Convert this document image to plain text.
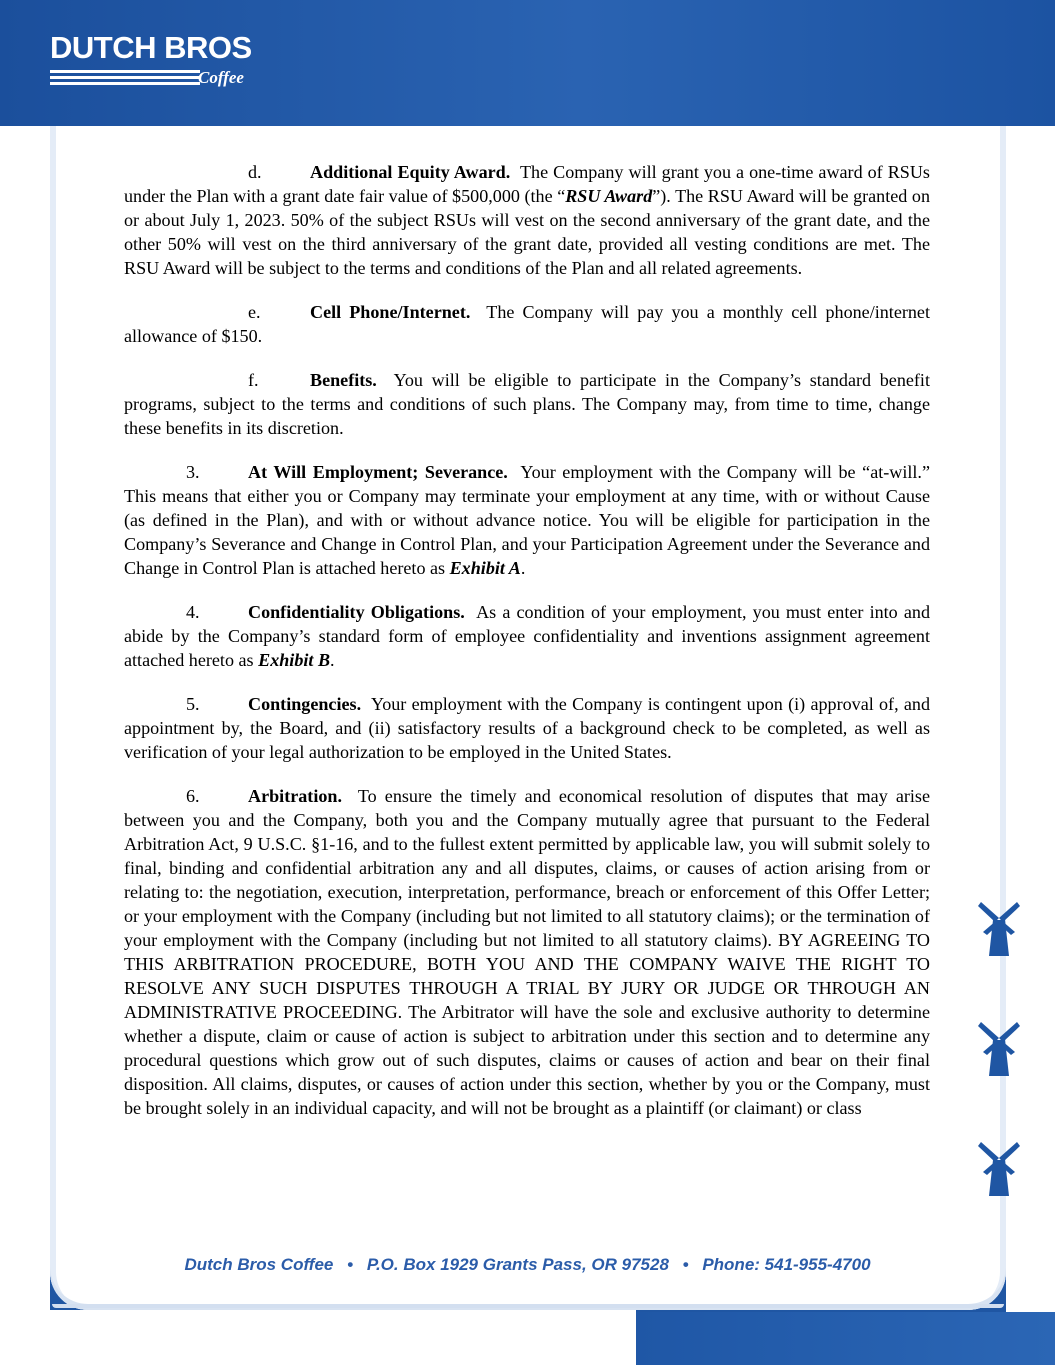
DUTCH BROS
Coffee

d.	Additional Equity Award. The Company will grant you a one-time award of RSUs under the Plan with a grant date fair value of $500,000 (the “RSU Award”). The RSU Award will be granted on or about July 1, 2023. 50% of the subject RSUs will vest on the second anniversary of the grant date, and the other 50% will vest on the third anniversary of the grant date, provided all vesting conditions are met. The RSU Award will be subject to the terms and conditions of the Plan and all related agreements.

e.	Cell Phone/Internet. The Company will pay you a monthly cell phone/internet allowance of $150.

f.	Benefits. You will be eligible to participate in the Company’s standard benefit programs, subject to the terms and conditions of such plans. The Company may, from time to time, change these benefits in its discretion.

3.	At Will Employment; Severance. Your employment with the Company will be “at-will.” This means that either you or Company may terminate your employment at any time, with or without Cause (as defined in the Plan), and with or without advance notice. You will be eligible for participation in the Company’s Severance and Change in Control Plan, and your Participation Agreement under the Severance and Change in Control Plan is attached hereto as Exhibit A.

4.	Confidentiality Obligations. As a condition of your employment, you must enter into and abide by the Company’s standard form of employee confidentiality and inventions assignment agreement attached hereto as Exhibit B.

5.	Contingencies. Your employment with the Company is contingent upon (i) approval of, and appointment by, the Board, and (ii) satisfactory results of a background check to be completed, as well as verification of your legal authorization to be employed in the United States.

6.	Arbitration. To ensure the timely and economical resolution of disputes that may arise between you and the Company, both you and the Company mutually agree that pursuant to the Federal Arbitration Act, 9 U.S.C. §1-16, and to the fullest extent permitted by applicable law, you will submit solely to final, binding and confidential arbitration any and all disputes, claims, or causes of action arising from or relating to: the negotiation, execution, interpretation, performance, breach or enforcement of this Offer Letter; or your employment with the Company (including but not limited to all statutory claims); or the termination of your employment with the Company (including but not limited to all statutory claims). BY AGREEING TO THIS ARBITRATION PROCEDURE, BOTH YOU AND THE COMPANY WAIVE THE RIGHT TO RESOLVE ANY SUCH DISPUTES THROUGH A TRIAL BY JURY OR JUDGE OR THROUGH AN ADMINISTRATIVE PROCEEDING. The Arbitrator will have the sole and exclusive authority to determine whether a dispute, claim or cause of action is subject to arbitration under this section and to determine any procedural questions which grow out of such disputes, claims or causes of action and bear on their final disposition. All claims, disputes, or causes of action under this section, whether by you or the Company, must be brought solely in an individual capacity, and will not be brought as a plaintiff (or claimant) or class

Dutch Bros Coffee • P.O. Box 1929 Grants Pass, OR 97528 • Phone: 541-955-4700
